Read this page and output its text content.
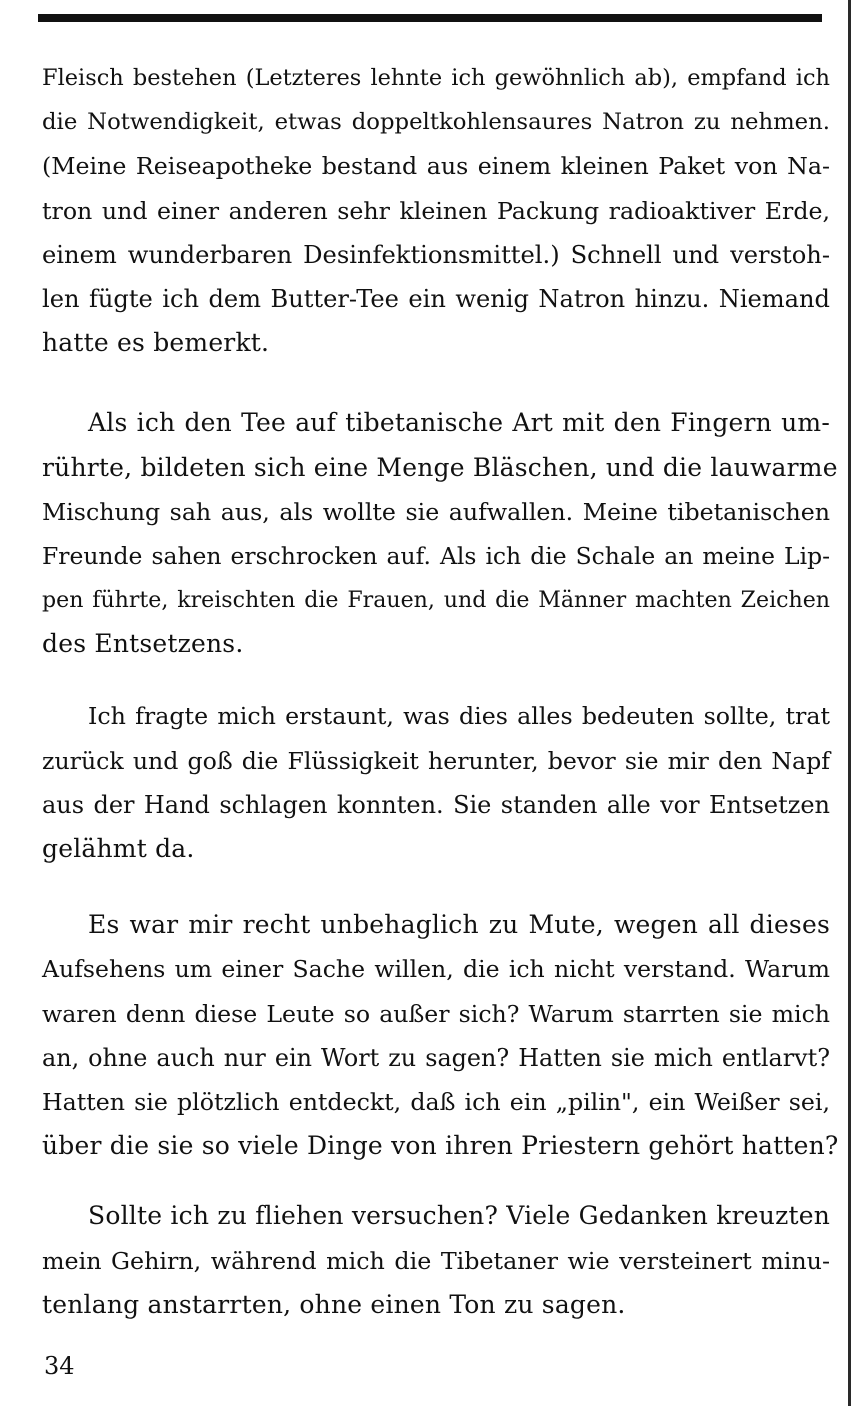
Fleisch bestehen (Letzteres lehnte ich gewöhnlich ab), empfand ich
die Notwendigkeit, etwas doppeltkohlensaures Natron zu nehmen.
(Meine Reiseapotheke bestand aus einem kleinen Paket von Na-
tron und einer anderen sehr kleinen Packung radioaktiver Erde,
einem wunderbaren Desinfektionsmittel.) Schnell und verstoh-
len fügte ich dem Butter-Tee ein wenig Natron hinzu. Niemand
hatte es bemerkt.
Als ich den Tee auf tibetanische Art mit den Fingern um-
rührte, bildeten sich eine Menge Bläschen, und die lauwarme
Mischung sah aus, als wollte sie aufwallen. Meine tibetanischen
Freunde sahen erschrocken auf. Als ich die Schale an meine Lip-
pen führte, kreischten die Frauen, und die Männer machten Zeichen
des Entsetzens.
Ich fragte mich erstaunt, was dies alles bedeuten sollte, trat
zurück und goß die Flüssigkeit herunter, bevor sie mir den Napf
aus der Hand schlagen konnten. Sie standen alle vor Entsetzen
gelähmt da.
Es war mir recht unbehaglich zu Mute, wegen all dieses
Aufsehens um einer Sache willen, die ich nicht verstand. Warum
waren denn diese Leute so außer sich? Warum starrten sie mich
an, ohne auch nur ein Wort zu sagen? Hatten sie mich entlarvt?
Hatten sie plötzlich entdeckt, daß ich ein „pilin", ein Weißer sei,
über die sie so viele Dinge von ihren Priestern gehört hatten?
Sollte ich zu fliehen versuchen? Viele Gedanken kreuzten
mein Gehirn, während mich die Tibetaner wie versteinert minu-
tenlang anstarrten, ohne einen Ton zu sagen.
34
